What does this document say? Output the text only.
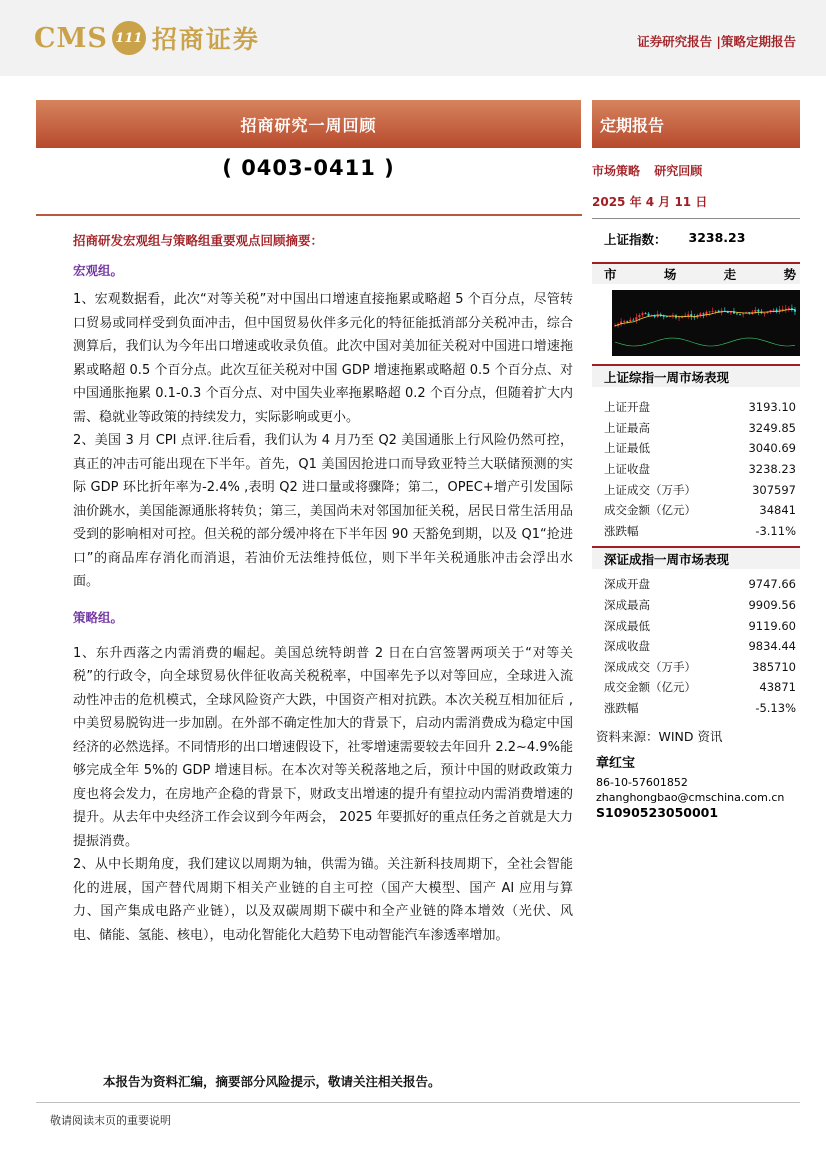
CMS 111 招商证券	证券研究报告 |策略定期报告
招商研究一周回顾
( 0403-0411 )
招商研发宏观组与策略组重要观点回顾摘要：
宏观组。

1、宏观数据看，此次“对等关税”对中国出口增速直接拖累或略超 5 个百分点，尽管转口贸易或同样受到负面冲击，但中国贸易伙伴多元化的特征能抵消部分关税冲击，综合测算后，我们认为今年出口增速或收录负值。此次中国对美加征关税对中国进口增速拖累或略超 0.5 个百分点。此次互征关税对中国 GDP 增速拖累或略超 0.5 个百分点、对中国通胀拖累 0.1-0.3 个百分点、对中国失业率拖累略超 0.2 个百分点，但随着扩大内需、稳就业等政策的持续发力，实际影响或更小。

2、美国 3 月 CPI 点评.往后看，我们认为 4 月乃至 Q2 美国通胀上行风险仍然可控，真正的冲击可能出现在下半年。首先，Q1 美国因抢进口而导致亚特兰大联储预测的实际 GDP 环比折年率为-2.4% ,表明 Q2 进口量或将骤降；第二，OPEC+增产引发国际油价跳水，美国能源通胀将转负；第三，美国尚未对邻国加征关税，居民日常生活用品受到的影响相对可控。但关税的部分缓冲将在下半年因 90 天豁免到期，以及 Q1“抢进口”的商品库存消化而消退，若油价无法维持低位，则下半年关税通胀冲击会浮出水面。

策略组。

1、东升西落之内需消费的崛起。美国总统特朗普 2 日在白宫签署两项关于“对等关税”的行政令，向全球贸易伙伴征收高关税税率，中国率先予以对等回应，全球进入流动性冲击的危机模式，全球风险资产大跌，中国资产相对抗跌。本次关税互相加征后 ,中美贸易脱钩进一步加剧。在外部不确定性加大的背景下，启动内需消费成为稳定中国经济的必然选择。不同情形的出口增速假设下，社零增速需要较去年回升 2.2~4.9%能够完成全年 5%的 GDP 增速目标。在本次对等关税落地之后，预计中国的财政政策力度也将会发力，在房地产企稳的背景下，财政支出增速的提升有望拉动内需消费增速的提升。从去年中央经济工作会议到今年两会， 2025 年要抓好的重点任务之首就是大力提振消费。

2、从中长期角度，我们建议以周期为轴，供需为锚。关注新科技周期下，全社会智能化的进展，国产替代周期下相关产业链的自主可控（国产大模型、国产 AI 应用与算力、国产集成电路产业链），以及双碳周期下碳中和全产业链的降本增效（光伏、风电、储能、氢能、核电），电动化智能化大趋势下电动智能汽车渗透率增加。

本报告为资料汇编，摘要部分风险提示，敬请关注相关报告。
敬请阅读末页的重要说明
定期报告
市场策略 研究回顾
2025 年 4 月 11 日
上证指数： 3238.23
市	场	走	势
上证综指一周市场表现
上证开盘	3193.10
上证最高	3249.85
上证最低	3040.69
上证收盘	3238.23
上证成交（万手）	307597
成交金额（亿元）	34841
涨跌幅	-3.11%
深证成指一周市场表现
深成开盘	9747.66
深成最高	9909.56
深成最低	9119.60
深成收盘	9834.44
深成成交（万手）	385710
成交金额（亿元）	43871
涨跌幅	-5.13%
资料来源：WIND 资讯
章红宝
86-10-57601852
zhanghongbao@cmschina.com.cn
S1090523050001
